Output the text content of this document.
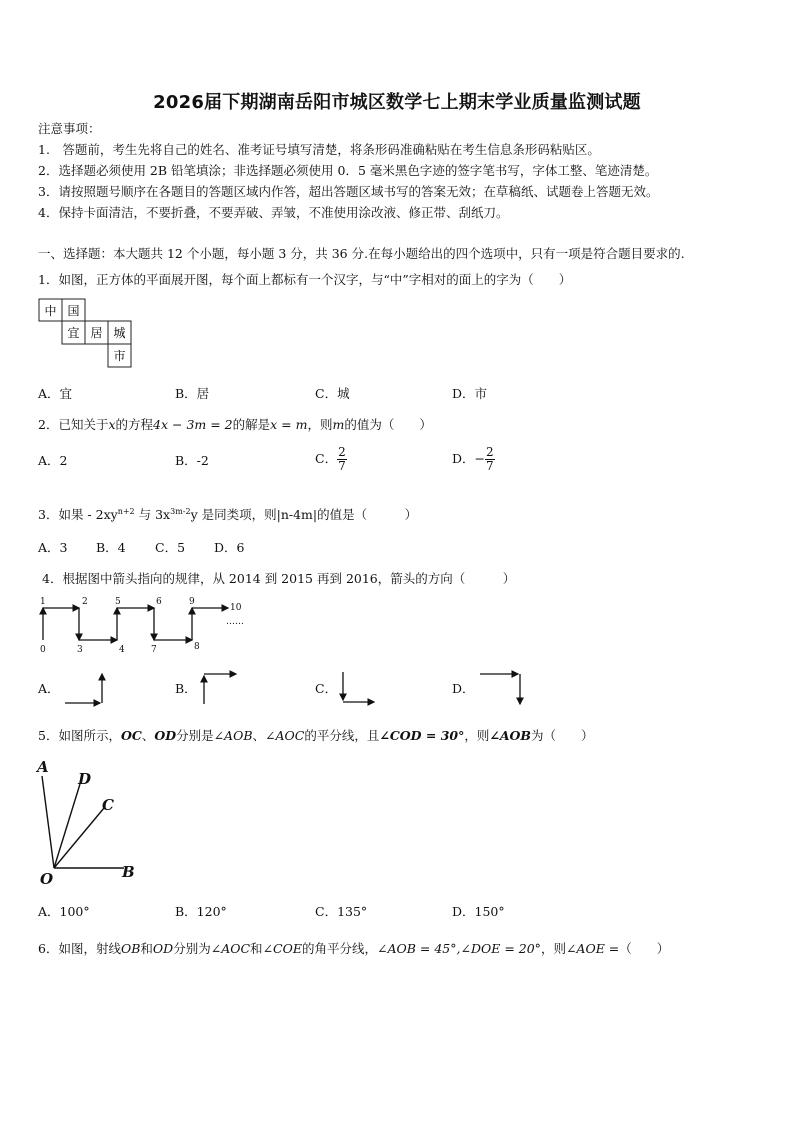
2026届下期湖南岳阳市城区数学七上期末学业质量监测试题
注意事项：
1.　答题前，考生先将自己的姓名、准考证号填写清楚，将条形码准确粘贴在考生信息条形码粘贴区。
2．选择题必须使用 2B 铅笔填涂；非选择题必须使用 0．5 毫米黑色字迹的签字笔书写，字体工整、笔迹清楚。
3．请按照题号顺序在各题目的答题区域内作答，超出答题区域书写的答案无效；在草稿纸、试题卷上答题无效。
4．保持卡面清洁，不要折叠，不要弄破、弄皱，不准使用涂改液、修正带、刮纸刀。
一、选择题：本大题共 12 个小题，每小题 3 分，共 36 分.在每小题给出的四个选项中，只有一项是符合题目要求的.
1．如图，正方体的平面展开图，每个面上都标有一个汉字，与“中”字相对的面上的字为（　　）
中 国
宜 居 城
市
A．宜	B．居	C．城	D．市
2．已知关于x的方程4x − 3m = 2的解是x = m，则m的值为（　　）
A．2	B．-2	C． $\frac{2}{7}$	D．− $\frac{2}{7}$
3．如果 - $2xy^{n+2}$ 与 $3x^{3m-2}y$ 是同类项，则|n-4m|的值是（　　　）
A．3 B．4 C．5 D．6
4．根据图中箭头指向的规律，从 2014 到 2015 再到 2016，箭头的方向（　　　）
1	2	5	6	9
10
0	3	4	7	8
……
A．	B．	C．	D．
5．如图所示，OC、OD分别是∠AOB、∠AOC的平分线，且∠COD = 30°，则∠AOB为（　　）
A
D
C
O	B
A．100°	B．120°	C．135°	D．150°
6．如图，射线OB和OD分别为∠AOC和∠COE的角平分线，∠AOB = 45°,∠DOE = 20°，则∠AOE =（　　）
